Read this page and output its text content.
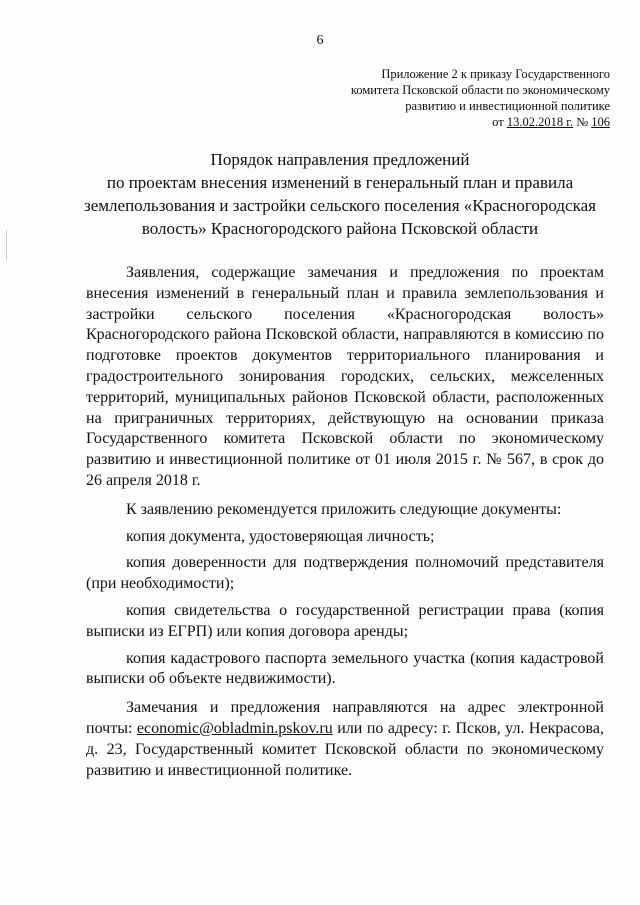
6
Приложение 2 к приказу Государственного
комитета Псковской области по экономическому
развитию и инвестиционной политике
от 13.02.2018 г. № 106
Порядок направления предложений
по проектам внесения изменений в генеральный план и правила
землепользования и застройки сельского поселения «Красногородская
волость» Красногородского района Псковской области

Заявления, содержащие замечания и предложения по проектам внесения изменений в генеральный план и правила землепользования и застройки сельского поселения «Красногородская волость» Красногородского района Псковской области, направляются в комиссию по подготовке проектов документов территориального планирования и градостроительного зонирования городских, сельских, межселенных территорий, муниципальных районов Псковской области, расположенных на приграничных территориях, действующую на основании приказа Государственного комитета Псковской области по экономическому развитию и инвестиционной политике от 01 июля 2015 г. № 567, в срок до 26 апреля 2018 г.

К заявлению рекомендуется приложить следующие документы:

копия документа, удостоверяющая личность;

копия доверенности для подтверждения полномочий представителя (при необходимости);

копия свидетельства о государственной регистрации права (копия выписки из ЕГРП) или копия договора аренды;

копия кадастрового паспорта земельного участка (копия кадастровой выписки об объекте недвижимости).

Замечания и предложения направляются на адрес электронной почты: economic@obladmin.pskov.ru или по адресу: г. Псков, ул. Некрасова, д. 23, Государственный комитет Псковской области по экономическому развитию и инвестиционной политике.
